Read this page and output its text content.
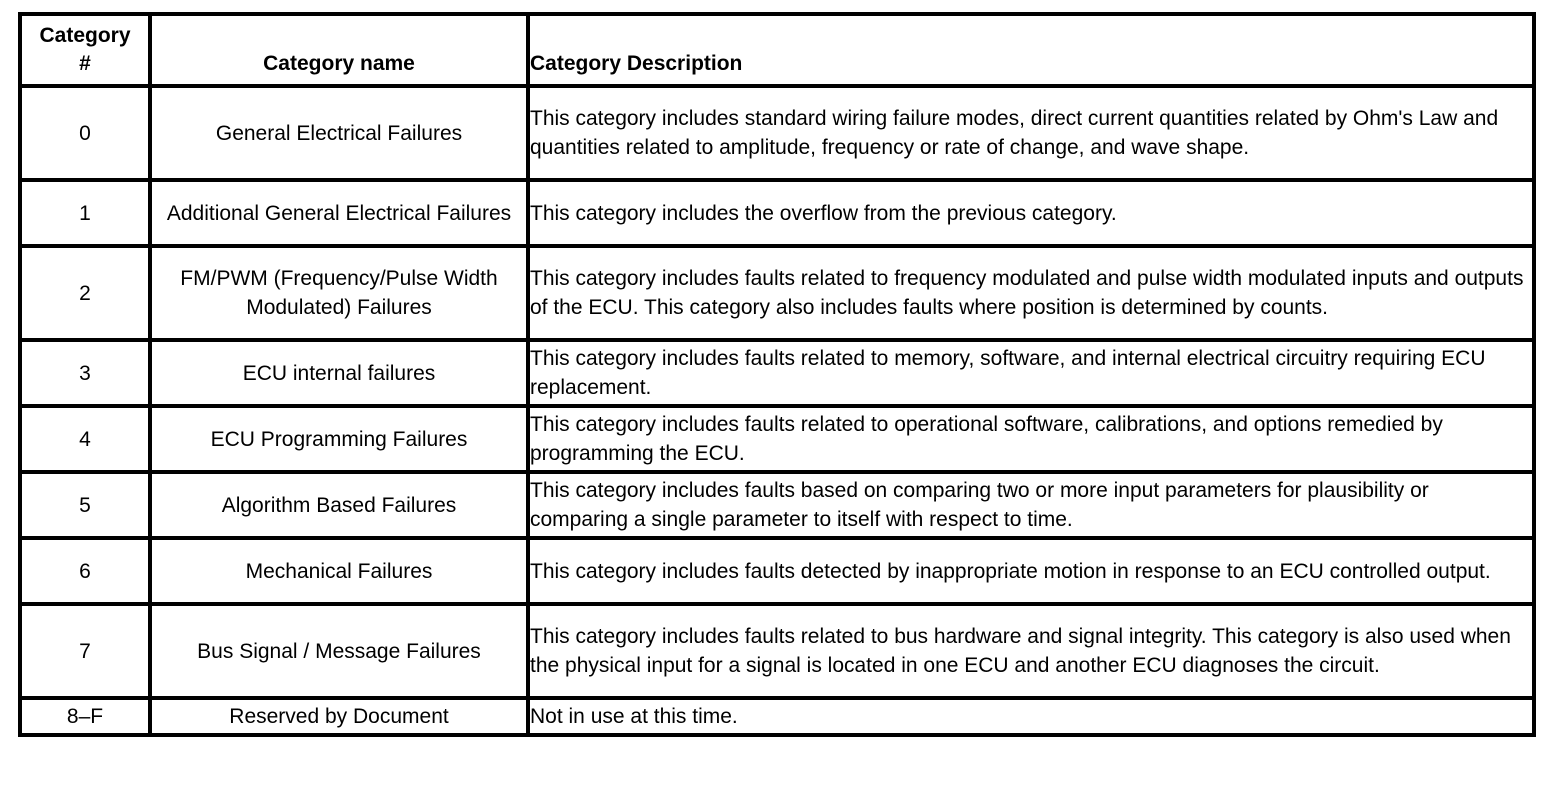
Category
#	Category name	Category Description
0	General Electrical Failures	This category includes standard wiring failure modes, direct current quantities related by Ohm's Law and quantities related to amplitude, frequency or rate of change, and wave shape.
1	Additional General Electrical Failures	This category includes the overflow from the previous category.
2	FM/PWM (Frequency/Pulse Width Modulated) Failures	This category includes faults related to frequency modulated and pulse width modulated inputs and outputs of the ECU. This category also includes faults where position is determined by counts.
3	ECU internal failures	This category includes faults related to memory, software, and internal electrical circuitry requiring ECU replacement.
4	ECU Programming Failures	This category includes faults related to operational software, calibrations, and options remedied by programming the ECU.
5	Algorithm Based Failures	This category includes faults based on comparing two or more input parameters for plausibility or comparing a single parameter to itself with respect to time.
6	Mechanical Failures	This category includes faults detected by inappropriate motion in response to an ECU controlled output.
7	Bus Signal / Message Failures	This category includes faults related to bus hardware and signal integrity. This category is also used when the physical input for a signal is located in one ECU and another ECU diagnoses the circuit.
8–F	Reserved by Document	Not in use at this time.
